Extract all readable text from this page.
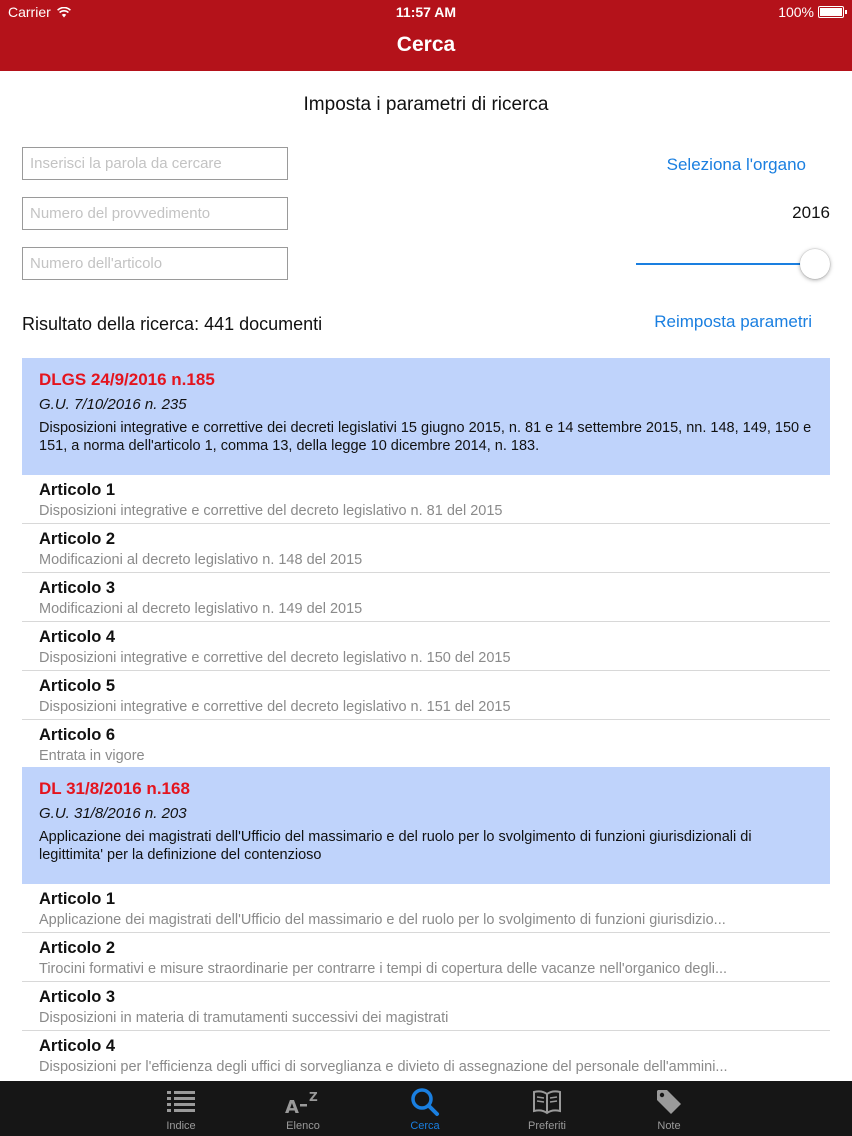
Carrier	11:57 AM	100%
Cerca
Imposta i parametri di ricerca
Inserisci la parola da cercare
Numero del provvedimento
Numero dell'articolo
Seleziona l'organo
2016
Risultato della ricerca: 441 documenti	Reimposta parametri
DLGS 24/9/2016 n.185
G.U. 7/10/2016 n. 235
Disposizioni integrative e correttive dei decreti legislativi 15 giugno 2015, n. 81 e 14 settembre 2015, nn. 148, 149, 150 e 151, a norma dell'articolo 1, comma 13, della legge 10 dicembre 2014, n. 183.
Articolo 1
Disposizioni integrative e correttive del decreto legislativo n. 81 del 2015
Articolo 2
Modificazioni al decreto legislativo n. 148 del 2015
Articolo 3
Modificazioni al decreto legislativo n. 149 del 2015
Articolo 4
Disposizioni integrative e correttive del decreto legislativo n. 150 del 2015
Articolo 5
Disposizioni integrative e correttive del decreto legislativo n. 151 del 2015
Articolo 6
Entrata in vigore
DL 31/8/2016 n.168
G.U. 31/8/2016 n. 203
Applicazione dei magistrati dell'Ufficio del massimario e del ruolo per lo svolgimento di funzioni giurisdizionali di legittimita' per la definizione del contenzioso
Articolo 1
Applicazione dei magistrati dell'Ufficio del massimario e del ruolo per lo svolgimento di funzioni giurisdizio...
Articolo 2
Tirocini formativi e misure straordinarie per contrarre i tempi di copertura delle vacanze nell'organico degli...
Articolo 3
Disposizioni in materia di tramutamenti successivi dei magistrati
Articolo 4
Disposizioni per l'efficienza degli uffici di sorveglianza e divieto di assegnazione del personale dell'ammini...
Indice
A Z
Elenco	Cerca	Preferiti	Note
